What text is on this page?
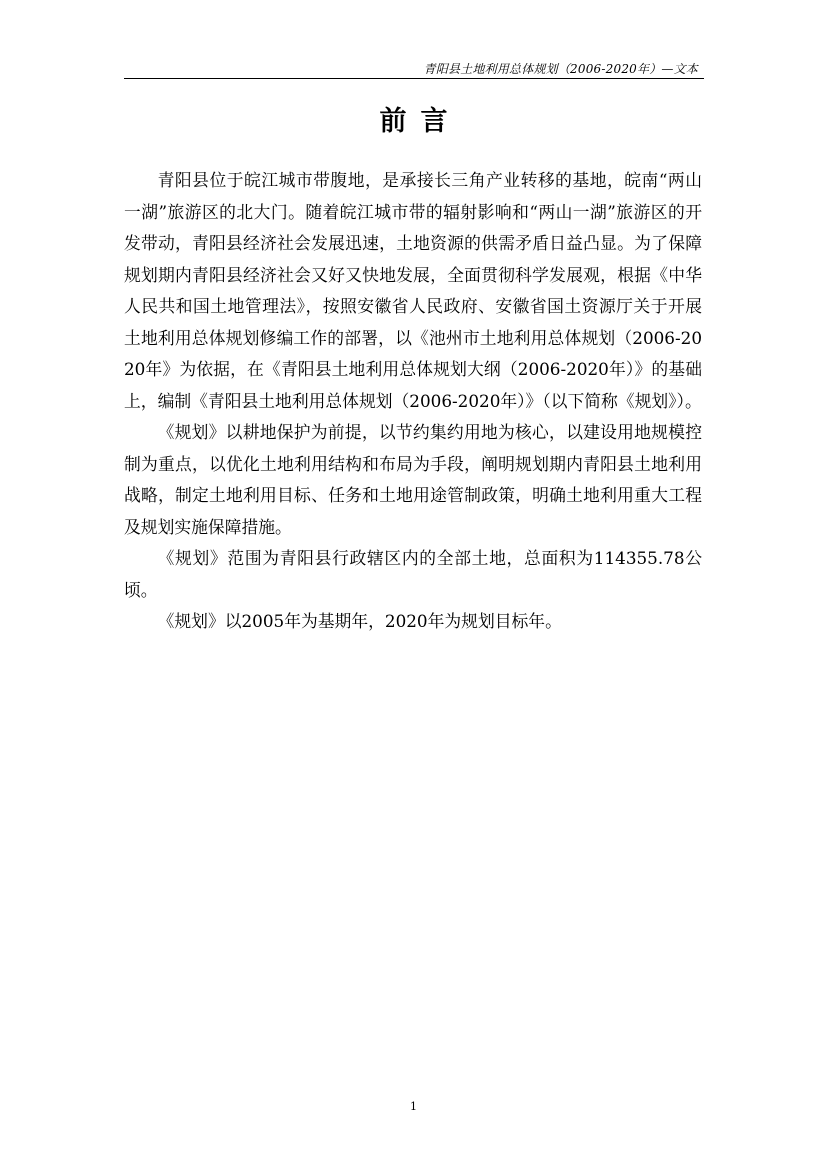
青阳县土地利用总体规划（2006-2020年）—文本
前言

青阳县位于皖江城市带腹地，是承接长三角产业转移的基地，皖南“两山一湖”旅游区的北大门。随着皖江城市带的辐射影响和“两山一湖”旅游区的开发带动，青阳县经济社会发展迅速，土地资源的供需矛盾日益凸显。为了保障规划期内青阳县经济社会又好又快地发展，全面贯彻科学发展观，根据《中华人民共和国土地管理法》，按照安徽省人民政府、安徽省国土资源厅关于开展土地利用总体规划修编工作的部署，以《池州市土地利用总体规划（2006-2020年》为依据，在《青阳县土地利用总体规划大纲（2006-2020年）》的基础上，编制《青阳县土地利用总体规划（2006-2020年）》（以下简称《规划》）。

《规划》以耕地保护为前提，以节约集约用地为核心，以建设用地规模控制为重点，以优化土地利用结构和布局为手段，阐明规划期内青阳县土地利用战略，制定土地利用目标、任务和土地用途管制政策，明确土地利用重大工程及规划实施保障措施。

《规划》范围为青阳县行政辖区内的全部土地，总面积为114355.78公顷。

《规划》以2005年为基期年，2020年为规划目标年。

1
